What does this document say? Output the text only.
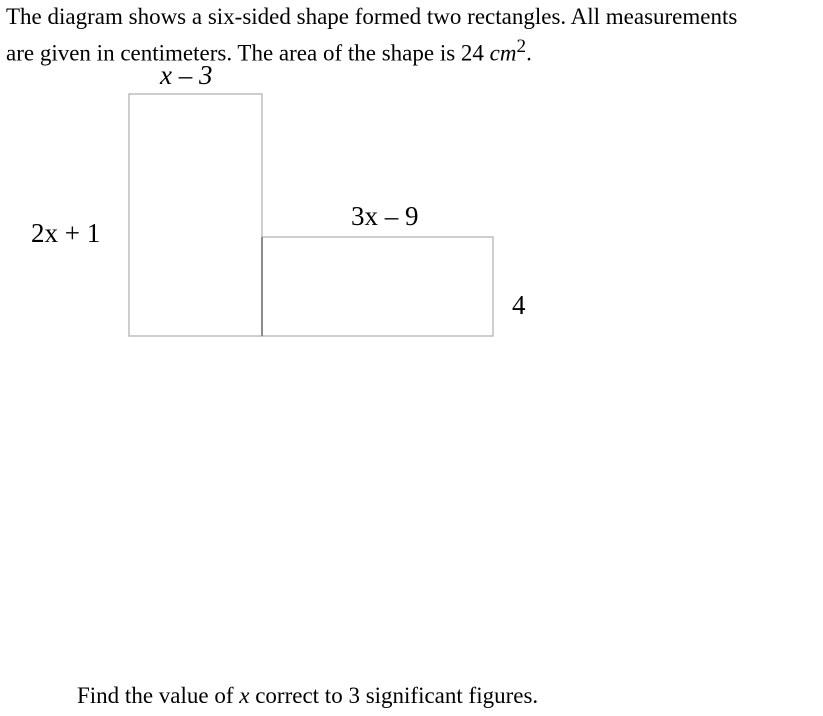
The diagram shows a six-sided shape formed two rectangles. All measurements
are given in centimeters. The area of the shape is 24 $cm^2$.
x – 3
2x + 1
3x – 9
4

Find the value of x correct to 3 significant figures.
